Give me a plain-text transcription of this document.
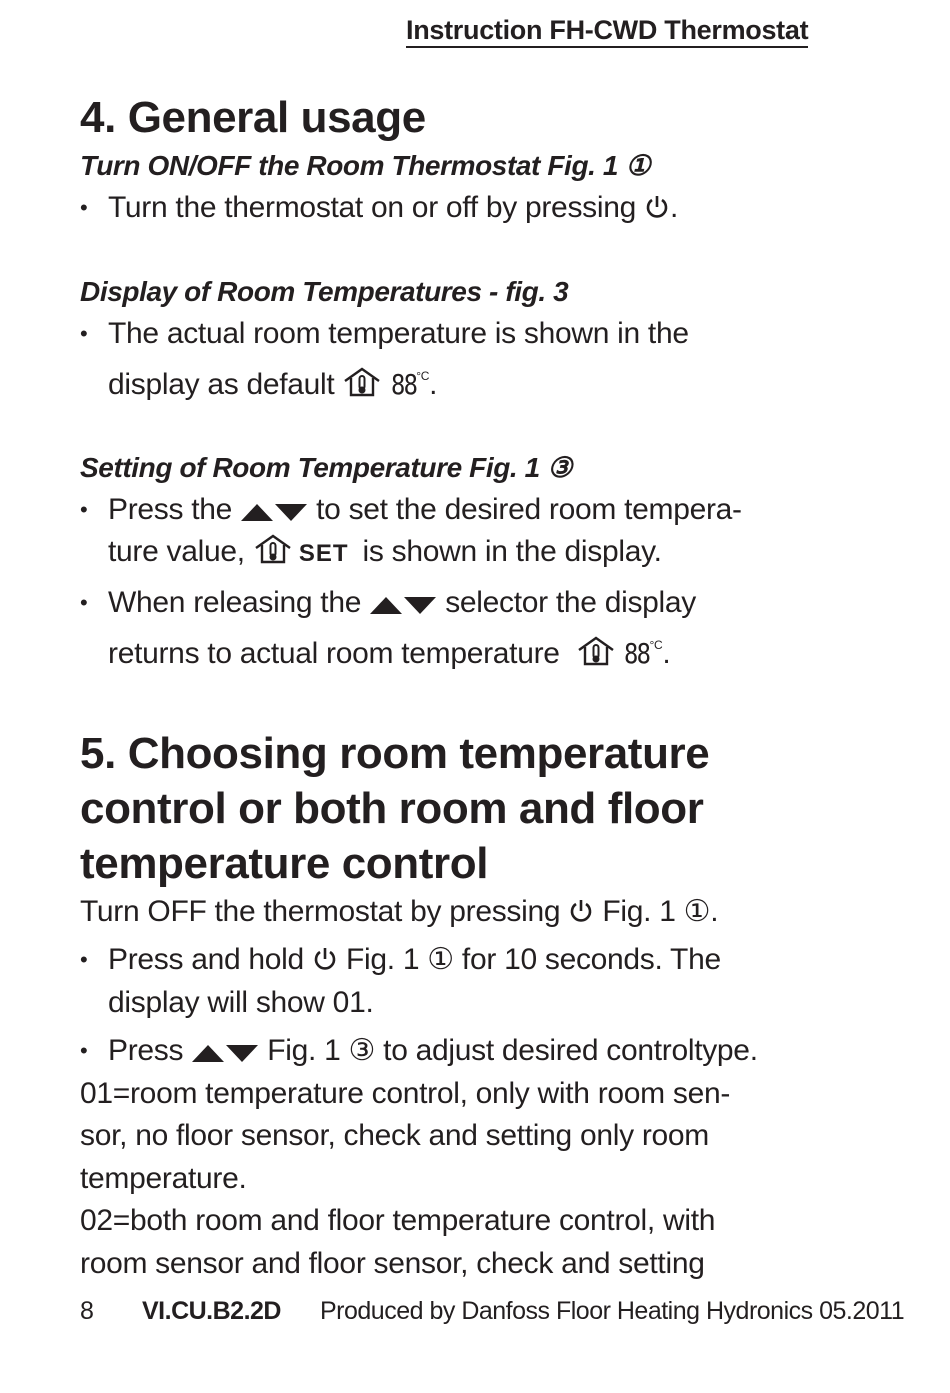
Instruction FH-CWD Thermostat
4. General usage
Turn ON/OFF the Room Thermostat Fig. 1 ①
• Turn the thermostat on or off by pressing .
Display of Room Temperatures - fig. 3
• The actual room temperature is shown in the
display as default $88^{^\circ C}$.
Setting of Room Temperature Fig. 1 ③
• Press the	to set the desired room tempera-
ture value, SET is shown in the display.
• When releasing the	selector the display
returns to actual room temperature $88^{^\circ C}$.
5. Choosing room temperature
control or both room and floor
temperature control
Turn OFF the thermostat by pressing Fig. 1 ①.
• Press and hold Fig. 1 ① for 10 seconds. The
display will show 01.
• Press	Fig. 1 ③ to adjust desired controltype.
01=room temperature control, only with room sen-
sor, no floor sensor, check and setting only room
temperature.
02=both room and floor temperature control, with
room sensor and floor sensor, check and setting
8 VI.CU.B2.2D Produced by Danfoss Floor Heating Hydronics 05.2011
